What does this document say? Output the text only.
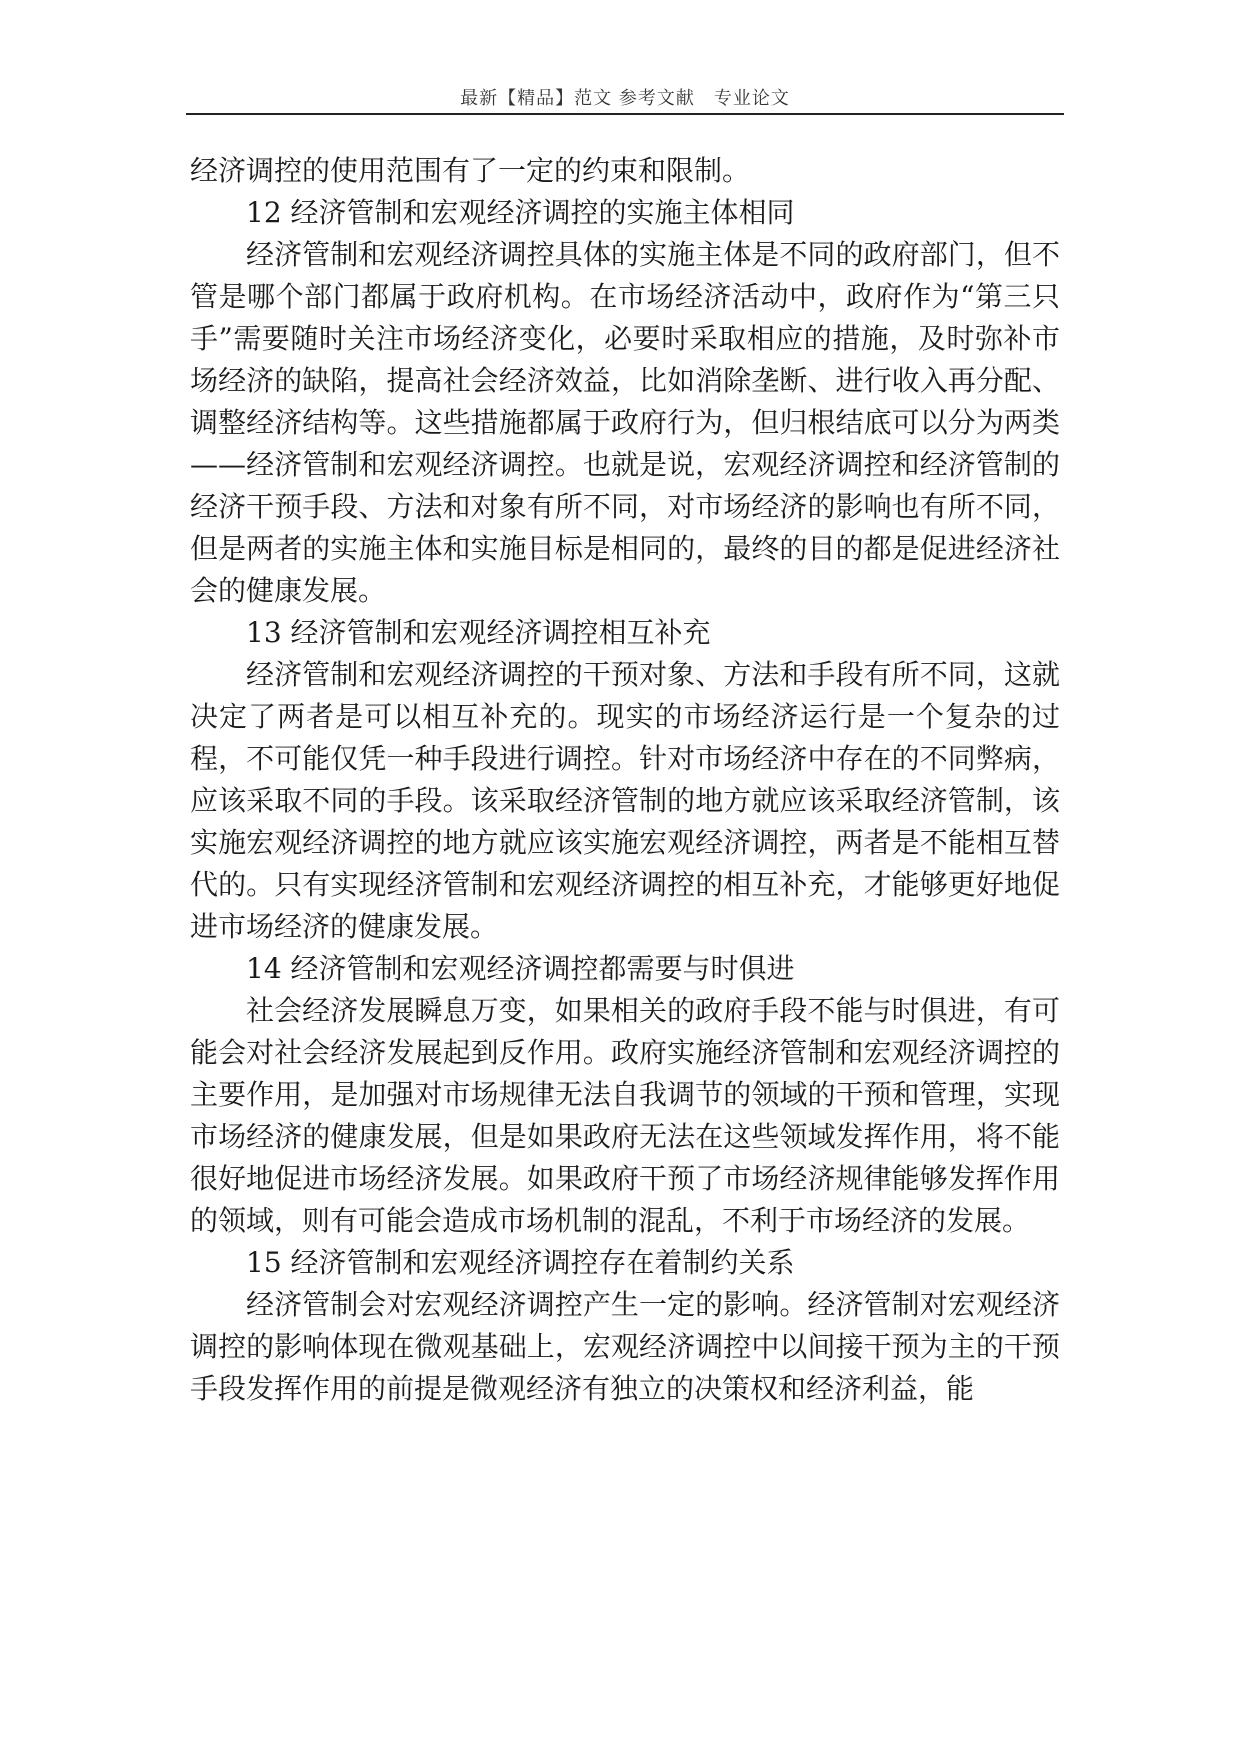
最新【精品】范文 参考文献　专业论文

经济调控的使用范围有了一定的约束和限制。

12 经济管制和宏观经济调控的实施主体相同

经济管制和宏观经济调控具体的实施主体是不同的政府部门，但不管是哪个部门都属于政府机构。在市场经济活动中，政府作为“第三只手”需要随时关注市场经济变化，必要时采取相应的措施，及时弥补市场经济的缺陷，提高社会经济效益，比如消除垄断、进行收入再分配、调整经济结构等。这些措施都属于政府行为，但归根结底可以分为两类——经济管制和宏观经济调控。也就是说，宏观经济调控和经济管制的经济干预手段、方法和对象有所不同，对市场经济的影响也有所不同，但是两者的实施主体和实施目标是相同的，最终的目的都是促进经济社会的健康发展。

13 经济管制和宏观经济调控相互补充

经济管制和宏观经济调控的干预对象、方法和手段有所不同，这就决定了两者是可以相互补充的。现实的市场经济运行是一个复杂的过程，不可能仅凭一种手段进行调控。针对市场经济中存在的不同弊病，应该采取不同的手段。该采取经济管制的地方就应该采取经济管制，该实施宏观经济调控的地方就应该实施宏观经济调控，两者是不能相互替代的。只有实现经济管制和宏观经济调控的相互补充，才能够更好地促进市场经济的健康发展。

14 经济管制和宏观经济调控都需要与时俱进

社会经济发展瞬息万变，如果相关的政府手段不能与时俱进，有可能会对社会经济发展起到反作用。政府实施经济管制和宏观经济调控的主要作用，是加强对市场规律无法自我调节的领域的干预和管理，实现市场经济的健康发展，但是如果政府无法在这些领域发挥作用，将不能很好地促进市场经济发展。如果政府干预了市场经济规律能够发挥作用的领域，则有可能会造成市场机制的混乱，不利于市场经济的发展。

15 经济管制和宏观经济调控存在着制约关系

经济管制会对宏观经济调控产生一定的影响。经济管制对宏观经济调控的影响体现在微观基础上，宏观经济调控中以间接干预为主的干预手段发挥作用的前提是微观经济有独立的决策权和经济利益，能
